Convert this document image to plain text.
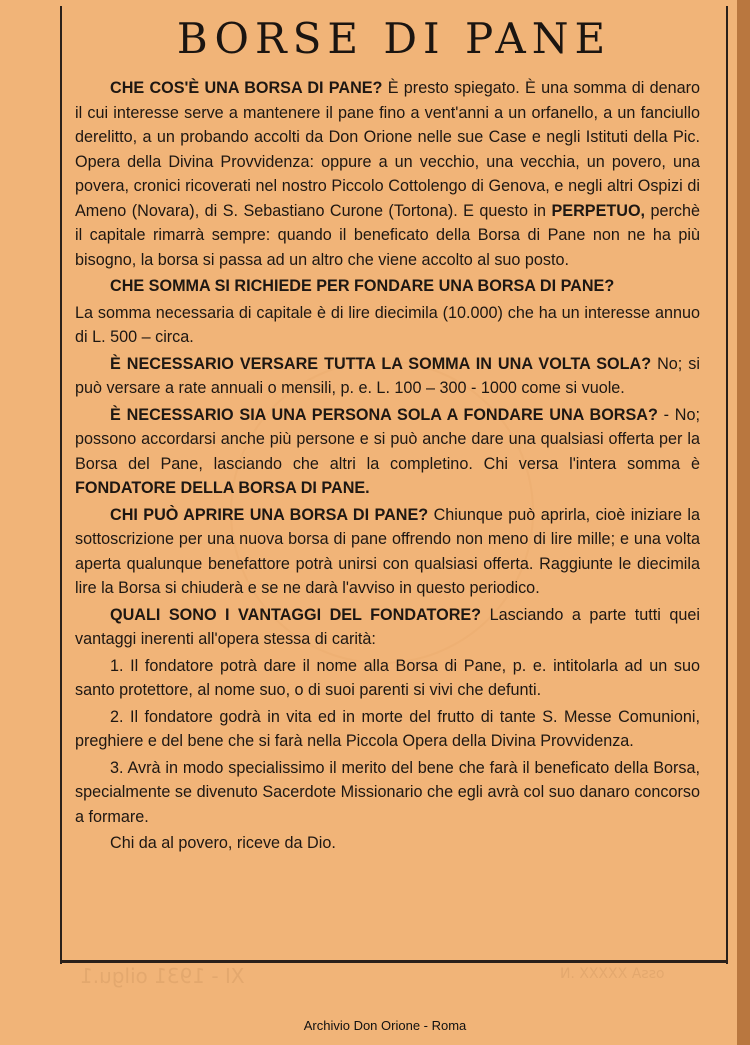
BORSE DI PANE

CHE COS'È UNA BORSA DI PANE? È presto spiegato. È una somma di denaro il cui interesse serve a mantenere il pane fino a vent'anni a un orfanello, a un fanciullo derelitto, a un probando accolti da Don Orione nelle sue Case e negli Istituti della Pic. Opera della Divina Provvidenza: oppure a un vecchio, una vecchia, un povero, una povera, cronici ricoverati nel nostro Piccolo Cottolengo di Genova, e negli altri Ospizi di Ameno (Novara), di S. Sebastiano Curone (Tortona). E questo in PERPETUO, perchè il capitale rimarrà sempre: quando il beneficato della Borsa di Pane non ne ha più bisogno, la borsa si passa ad un altro che viene accolto al suo posto.

CHE SOMMA SI RICHIEDE PER FONDARE UNA BORSA DI PANE?

La somma necessaria di capitale è di lire diecimila (10.000) che ha un interesse annuo di L. 500 – circa.

È NECESSARIO VERSARE TUTTA LA SOMMA IN UNA VOLTA SOLA? No; si può versare a rate annuali o mensili, p. e. L. 100 – 300 - 1000 come si vuole.

È NECESSARIO SIA UNA PERSONA SOLA A FONDARE UNA BORSA? - No; possono accordarsi anche più persone e si può anche dare una qualsiasi offerta per la Borsa del Pane, lasciando che altri la completino. Chi versa l'intera somma è FONDATORE DELLA BORSA DI PANE.

CHI PUÒ APRIRE UNA BORSA DI PANE? Chiunque può aprirla, cioè iniziare la sottoscrizione per una nuova borsa di pane offrendo non meno di lire mille; e una volta aperta qualunque benefattore potrà unirsi con qualsiasi offerta. Raggiunte le diecimila lire la Borsa si chiuderà e se ne darà l'avviso in questo periodico.

QUALI SONO I VANTAGGI DEL FONDATORE? Lasciando a parte tutti quei vantaggi inerenti all'opera stessa di carità:

1. Il fondatore potrà dare il nome alla Borsa di Pane, p. e. intitolarla ad un suo santo protettore, al nome suo, o di suoi parenti si vivi che defunti.

2. Il fondatore godrà in vita ed in morte del frutto di tante S. Messe Comunioni, preghiere e del bene che si farà nella Piccola Opera della Divina Provvidenza.

3. Avrà in modo specialissimo il merito del bene che farà il beneficato della Borsa, specialmente se divenuto Sacerdote Missionario che egli avrà col suo danaro concorso a formare.

Chi da al povero, riceve da Dio.

XI - 1931 oilgu.1	ossA XXXXX .N
Archivio Don Orione - Roma
